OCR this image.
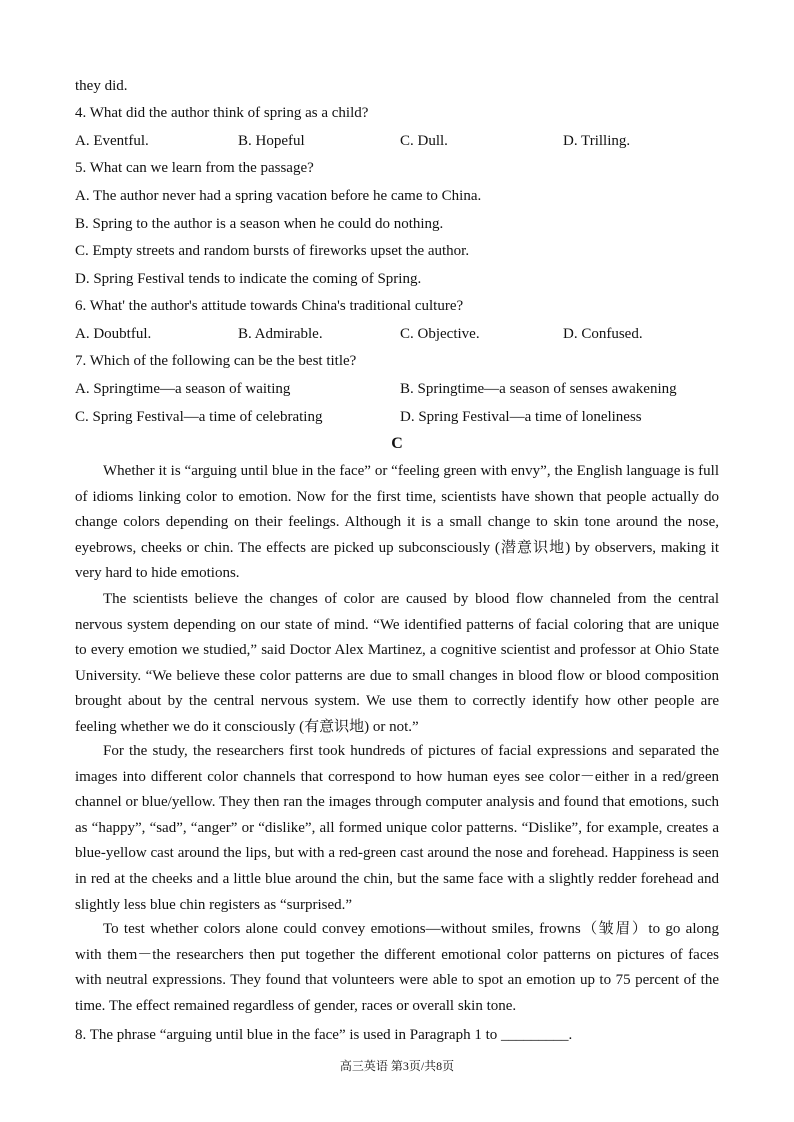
they did.
4. What did the author think of spring as a child?
A. Eventful.	B. Hopeful	C. Dull.	D. Trilling.
5. What can we learn from the passage?
A. The author never had a spring vacation before he came to China.
B. Spring to the author is a season when he could do nothing.
C. Empty streets and random bursts of fireworks upset the author.
D. Spring Festival tends to indicate the coming of Spring.
6. What' the author's attitude towards China's traditional culture?
A. Doubtful.	B. Admirable.	C. Objective.	D. Confused.
7. Which of the following can be the best title?
A. Springtime—a season of waiting	B. Springtime—a season of senses awakening
C. Spring Festival—a time of celebrating	D. Spring Festival—a time of loneliness
C

Whether it is “arguing until blue in the face” or “feeling green with envy”, the English language is full of idioms linking color to emotion. Now for the first time, scientists have shown that people actually do change colors depending on their feelings. Although it is a small change to skin tone around the nose, eyebrows, cheeks or chin. The effects are picked up subconsciously (潜意识地) by observers, making it very hard to hide emotions.

The scientists believe the changes of color are caused by blood flow channeled from the central nervous system depending on our state of mind. “We identified patterns of facial coloring that are unique to every emotion we studied,” said Doctor Alex Martinez, a cognitive scientist and professor at Ohio State University. “We believe these color patterns are due to small changes in blood flow or blood composition brought about by the central nervous system. We use them to correctly identify how other people are feeling whether we do it consciously (有意识地) or not.”

For the study, the researchers first took hundreds of pictures of facial expressions and separated the images into different color channels that correspond to how human eyes see color－either in a red/green channel or blue/yellow. They then ran the images through computer analysis and found that emotions, such as “happy”, “sad”, “anger” or “dislike”, all formed unique color patterns. “Dislike”, for example, creates a blue-yellow cast around the lips, but with a red-green cast around the nose and forehead. Happiness is seen in red at the cheeks and a little blue around the chin, but the same face with a slightly redder forehead and slightly less blue chin registers as “surprised.”

To test whether colors alone could convey emotions—without smiles, frowns（皱眉）to go along with them－the researchers then put together the different emotional color patterns on pictures of faces with neutral expressions. They found that volunteers were able to spot an emotion up to 75 percent of the time. The effect remained regardless of gender, races or overall skin tone.

8. The phrase “arguing until blue in the face” is used in Paragraph 1 to _________.
高三英语 第3页/共8页
